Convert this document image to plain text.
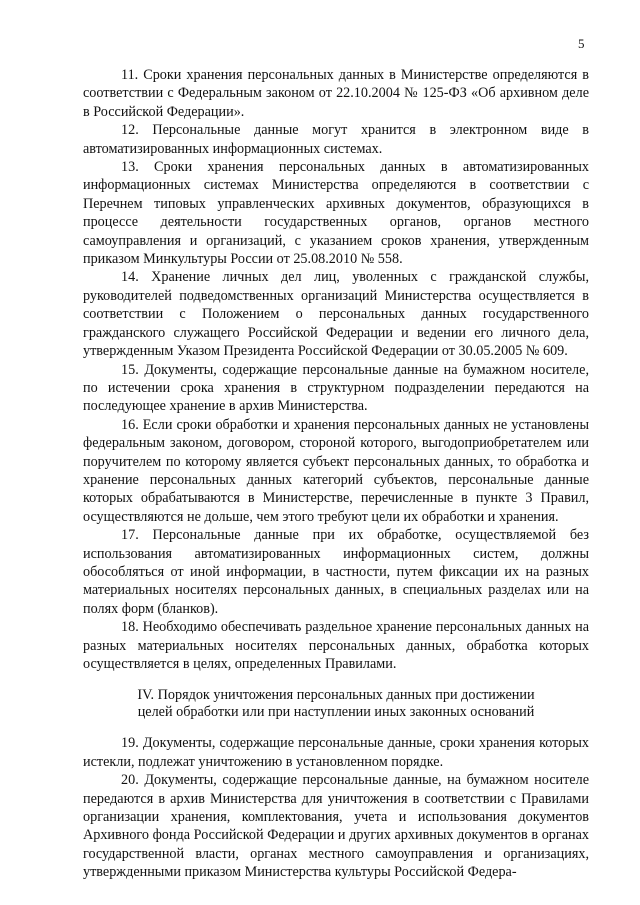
5

11. Сроки хранения персональных данных в Министерстве определяются в соответствии с Федеральным законом от 22.10.2004 № 125-ФЗ «Об архивном деле в Российской Федерации».

12. Персональные данные могут хранится в электронном виде в автоматизированных информационных системах.

13. Сроки хранения персональных данных в автоматизированных информационных системах Министерства определяются в соответствии с Перечнем типовых управленческих архивных документов, образующихся в процессе деятельности государственных органов, органов местного самоуправления и организаций, с указанием сроков хранения, утвержденным приказом Минкультуры России от 25.08.2010 № 558.

14. Хранение личных дел лиц, уволенных с гражданской службы, руководителей подведомственных организаций Министерства осуществляется в соответствии с Положением о персональных данных государственного гражданского служащего Российской Федерации и ведении его личного дела, утвержденным Указом Президента Российской Федерации от 30.05.2005 № 609.

15. Документы, содержащие персональные данные на бумажном носителе, по истечении срока хранения в структурном подразделении передаются на последующее хранение в архив Министерства.

16. Если сроки обработки и хранения персональных данных не установлены федеральным законом, договором, стороной которого, выгодоприобретателем или поручителем по которому является субъект персональных данных, то обработка и хранение персональных данных категорий субъектов, персональные данные которых обрабатываются в Министерстве, перечисленные в пункте 3 Правил, осуществляются не дольше, чем этого требуют цели их обработки и хранения.

17. Персональные данные при их обработке, осуществляемой без использования автоматизированных информационных систем, должны обособляться от иной информации, в частности, путем фиксации их на разных материальных носителях персональных данных, в специальных разделах или на полях форм (бланков).

18. Необходимо обеспечивать раздельное хранение персональных данных на разных материальных носителях персональных данных, обработка которых осуществляется в целях, определенных Правилами.

IV. Порядок уничтожения персональных данных при достижении целей обработки или при наступлении иных законных оснований

19. Документы, содержащие персональные данные, сроки хранения которых истекли, подлежат уничтожению в установленном порядке.

20. Документы, содержащие персональные данные, на бумажном носителе передаются в архив Министерства для уничтожения в соответствии с Правилами организации хранения, комплектования, учета и использования документов Архивного фонда Российской Федерации и других архивных документов в органах государственной власти, органах местного самоуправления и организациях, утвержденными приказом Министерства культуры Российской Федера-
